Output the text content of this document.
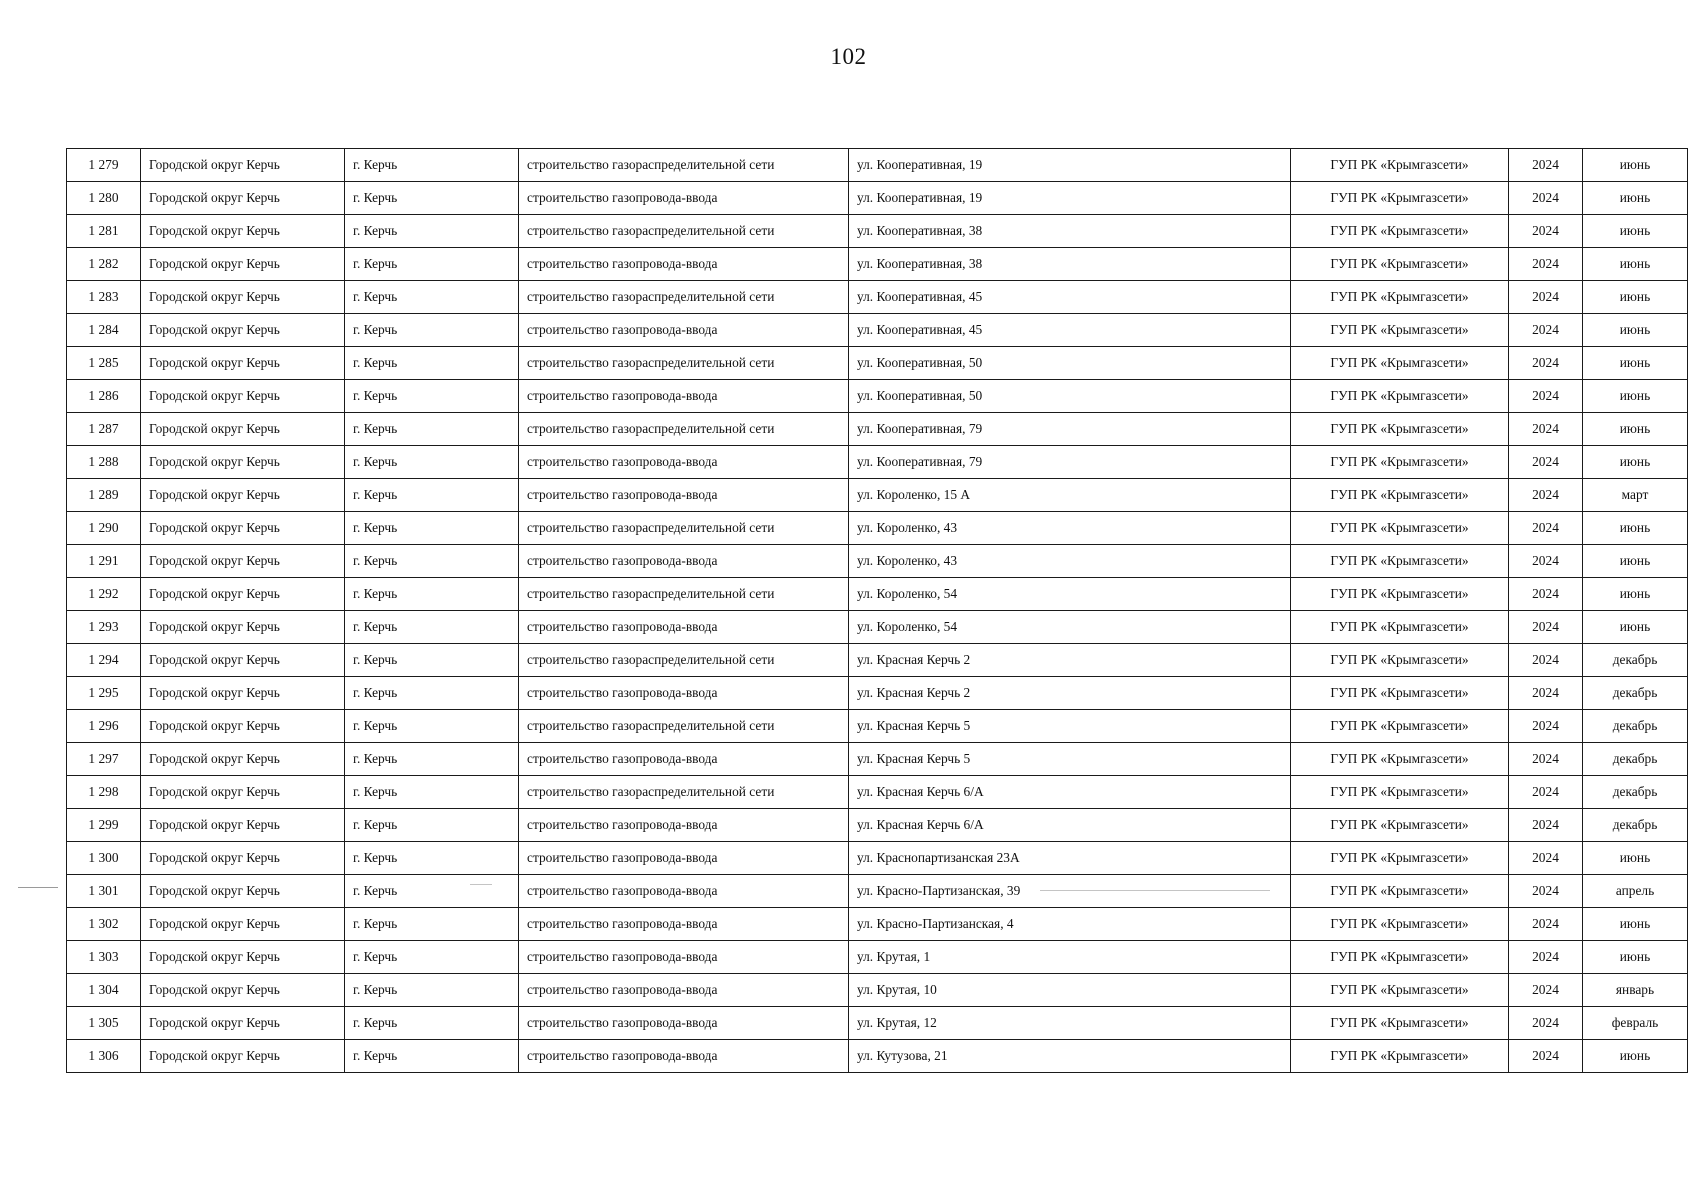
102
1 279	Городской округ Керчь	г. Керчь	строительство газораспределительной сети	ул. Кооперативная, 19	ГУП РК «Крымгазсети»	2024	июнь
1 280	Городской округ Керчь	г. Керчь	строительство газопровода-ввода	ул. Кооперативная, 19	ГУП РК «Крымгазсети»	2024	июнь
1 281	Городской округ Керчь	г. Керчь	строительство газораспределительной сети	ул. Кооперативная, 38	ГУП РК «Крымгазсети»	2024	июнь
1 282	Городской округ Керчь	г. Керчь	строительство газопровода-ввода	ул. Кооперативная, 38	ГУП РК «Крымгазсети»	2024	июнь
1 283	Городской округ Керчь	г. Керчь	строительство газораспределительной сети	ул. Кооперативная, 45	ГУП РК «Крымгазсети»	2024	июнь
1 284	Городской округ Керчь	г. Керчь	строительство газопровода-ввода	ул. Кооперативная, 45	ГУП РК «Крымгазсети»	2024	июнь
1 285	Городской округ Керчь	г. Керчь	строительство газораспределительной сети	ул. Кооперативная, 50	ГУП РК «Крымгазсети»	2024	июнь
1 286	Городской округ Керчь	г. Керчь	строительство газопровода-ввода	ул. Кооперативная, 50	ГУП РК «Крымгазсети»	2024	июнь
1 287	Городской округ Керчь	г. Керчь	строительство газораспределительной сети	ул. Кооперативная, 79	ГУП РК «Крымгазсети»	2024	июнь
1 288	Городской округ Керчь	г. Керчь	строительство газопровода-ввода	ул. Кооперативная, 79	ГУП РК «Крымгазсети»	2024	июнь
1 289	Городской округ Керчь	г. Керчь	строительство газопровода-ввода	ул. Короленко, 15 А	ГУП РК «Крымгазсети»	2024	март
1 290	Городской округ Керчь	г. Керчь	строительство газораспределительной сети	ул. Короленко, 43	ГУП РК «Крымгазсети»	2024	июнь
1 291	Городской округ Керчь	г. Керчь	строительство газопровода-ввода	ул. Короленко, 43	ГУП РК «Крымгазсети»	2024	июнь
1 292	Городской округ Керчь	г. Керчь	строительство газораспределительной сети	ул. Короленко, 54	ГУП РК «Крымгазсети»	2024	июнь
1 293	Городской округ Керчь	г. Керчь	строительство газопровода-ввода	ул. Короленко, 54	ГУП РК «Крымгазсети»	2024	июнь
1 294	Городской округ Керчь	г. Керчь	строительство газораспределительной сети	ул. Красная Керчь 2	ГУП РК «Крымгазсети»	2024	декабрь
1 295	Городской округ Керчь	г. Керчь	строительство газопровода-ввода	ул. Красная Керчь 2	ГУП РК «Крымгазсети»	2024	декабрь
1 296	Городской округ Керчь	г. Керчь	строительство газораспределительной сети	ул. Красная Керчь 5	ГУП РК «Крымгазсети»	2024	декабрь
1 297	Городской округ Керчь	г. Керчь	строительство газопровода-ввода	ул. Красная Керчь 5	ГУП РК «Крымгазсети»	2024	декабрь
1 298	Городской округ Керчь	г. Керчь	строительство газораспределительной сети	ул. Красная Керчь 6/А	ГУП РК «Крымгазсети»	2024	декабрь
1 299	Городской округ Керчь	г. Керчь	строительство газопровода-ввода	ул. Красная Керчь 6/А	ГУП РК «Крымгазсети»	2024	декабрь
1 300	Городской округ Керчь	г. Керчь	строительство газопровода-ввода	ул. Краснопартизанская 23А	ГУП РК «Крымгазсети»	2024	июнь
1 301	Городской округ Керчь	г. Керчь	строительство газопровода-ввода	ул. Красно-Партизанская, 39	ГУП РК «Крымгазсети»	2024	апрель
1 302	Городской округ Керчь	г. Керчь	строительство газопровода-ввода	ул. Красно-Партизанская, 4	ГУП РК «Крымгазсети»	2024	июнь
1 303	Городской округ Керчь	г. Керчь	строительство газопровода-ввода	ул. Крутая, 1	ГУП РК «Крымгазсети»	2024	июнь
1 304	Городской округ Керчь	г. Керчь	строительство газопровода-ввода	ул. Крутая, 10	ГУП РК «Крымгазсети»	2024	январь
1 305	Городской округ Керчь	г. Керчь	строительство газопровода-ввода	ул. Крутая, 12	ГУП РК «Крымгазсети»	2024	февраль
1 306	Городской округ Керчь	г. Керчь	строительство газопровода-ввода	ул. Кутузова, 21	ГУП РК «Крымгазсети»	2024	июнь
